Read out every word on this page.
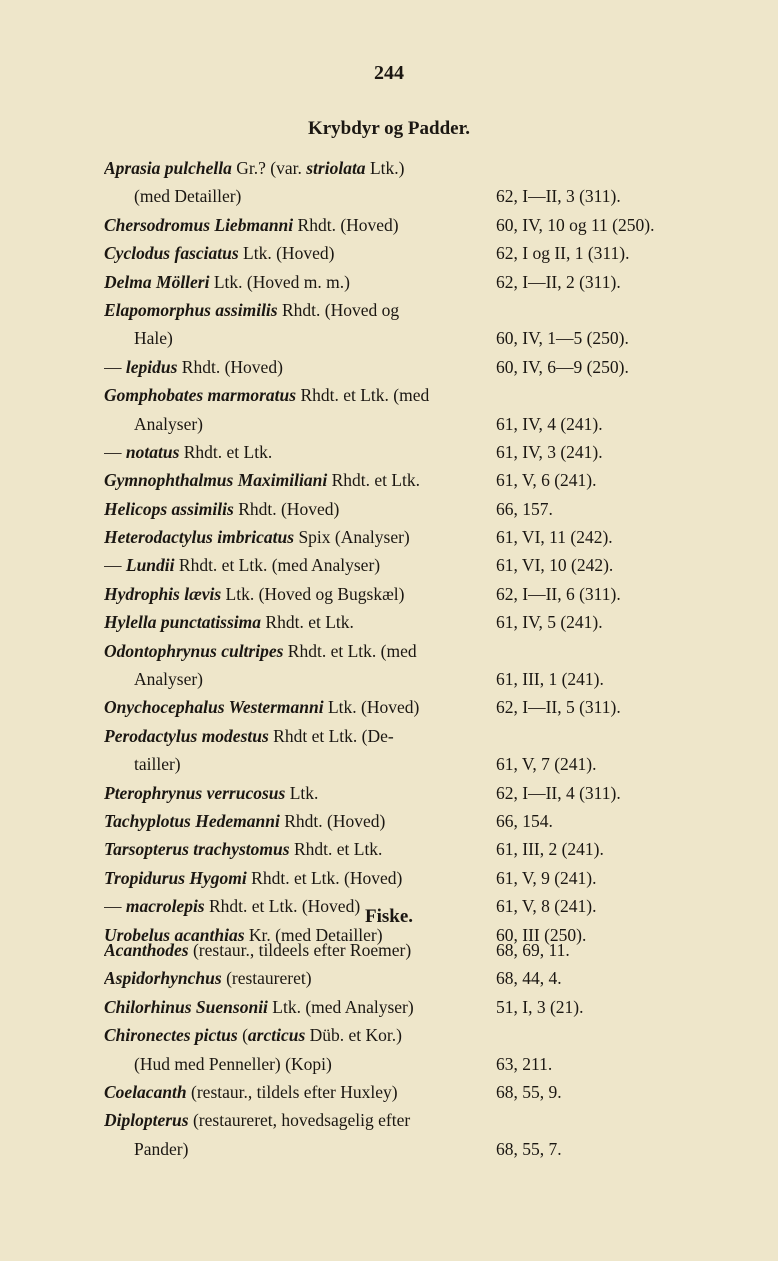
244
Krybdyr og Padder.
Aprasia pulchella Gr.? (var. striolata Ltk.)
(med Detailler)	62, I—II, 3 (311).
Chersodromus Liebmanni Rhdt. (Hoved)	60, IV, 10 og 11 (250).
Cyclodus fasciatus Ltk. (Hoved)	62, I og II, 1 (311).
Delma Mölleri Ltk. (Hoved m. m.)	62, I—II, 2 (311).
Elapomorphus assimilis Rhdt. (Hoved og
Hale)	60, IV, 1—5 (250).
— lepidus Rhdt. (Hoved)	60, IV, 6—9 (250).
Gomphobates marmoratus Rhdt. et Ltk. (med
Analyser)	61, IV, 4 (241).
— notatus Rhdt. et Ltk.	61, IV, 3 (241).
Gymnophthalmus Maximiliani Rhdt. et Ltk.	61, V, 6 (241).
Helicops assimilis Rhdt. (Hoved)	66, 157.
Heterodactylus imbricatus Spix (Analyser)	61, VI, 11 (242).
— Lundii Rhdt. et Ltk. (med Analyser)	61, VI, 10 (242).
Hydrophis lævis Ltk. (Hoved og Bugskæl)	62, I—II, 6 (311).
Hylella punctatissima Rhdt. et Ltk.	61, IV, 5 (241).
Odontophrynus cultripes Rhdt. et Ltk. (med
Analyser)	61, III, 1 (241).
Onychocephalus Westermanni Ltk. (Hoved)	62, I—II, 5 (311).
Perodactylus modestus Rhdt et Ltk. (De-
tailler)	61, V, 7 (241).
Pterophrynus verrucosus Ltk.	62, I—II, 4 (311).
Tachyplotus Hedemanni Rhdt. (Hoved)	66, 154.
Tarsopterus trachystomus Rhdt. et Ltk.	61, III, 2 (241).
Tropidurus Hygomi Rhdt. et Ltk. (Hoved)	61, V, 9 (241).
— macrolepis Rhdt. et Ltk. (Hoved)	61, V, 8 (241).
Urobelus acanthias Kr. (med Detailler)	60, III (250).
Fiske.
Acanthodes (restaur., tildeels efter Roemer)	68, 69, 11.
Aspidorhynchus (restaureret)	68, 44, 4.
Chilorhinus Suensonii Ltk. (med Analyser)	51, I, 3 (21).
Chironectes pictus (arcticus Düb. et Kor.)
(Hud med Penneller) (Kopi)	63, 211.
Coelacanth (restaur., tildels efter Huxley)	68, 55, 9.
Diplopterus (restaureret, hovedsagelig efter
Pander)	68, 55, 7.
